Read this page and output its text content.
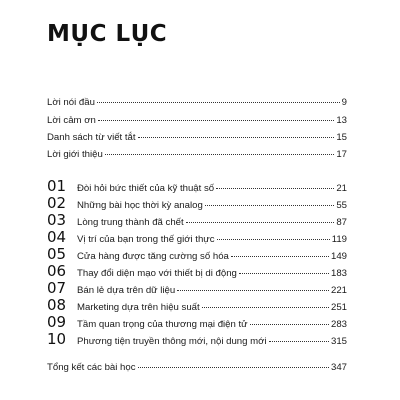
MỤC LỤC
Lời nói đầu	9
Lời cảm ơn	13
Danh sách từ viết tắt	15
Lời giới thiệu	17
01	Đòi hỏi bức thiết của kỹ thuật số	21
02	Những bài học thời kỳ analog	55
03	Lòng trung thành đã chết	87
04	Vị trí của bạn trong thế giới thực	119
05	Cửa hàng được tăng cường số hóa	149
06	Thay đổi diện mạo với thiết bị di động	183
07	Bán lẻ dựa trên dữ liệu	221
08	Marketing dựa trên hiệu suất	251
09	Tầm quan trọng của thương mại điện tử	283
10	Phương tiện truyền thông mới, nội dung mới	315
Tổng kết các bài học	347
